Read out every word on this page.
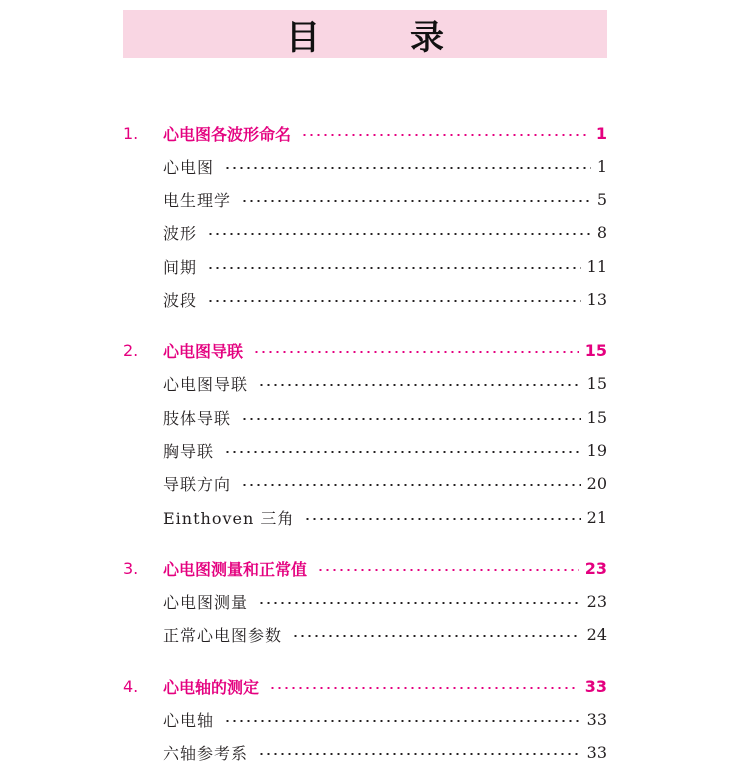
目	录
1.	心电图各波形命名	1
心电图	1
电生理学	5
波形	8
间期	11
波段	13
2.	心电图导联	15
心电图导联	15
肢体导联	15
胸导联	19
导联方向	20
Einthoven 三角	21
3.	心电图测量和正常值	23
心电图测量	23
正常心电图参数	24
4.	心电轴的测定	33
心电轴	33
六轴参考系	33
